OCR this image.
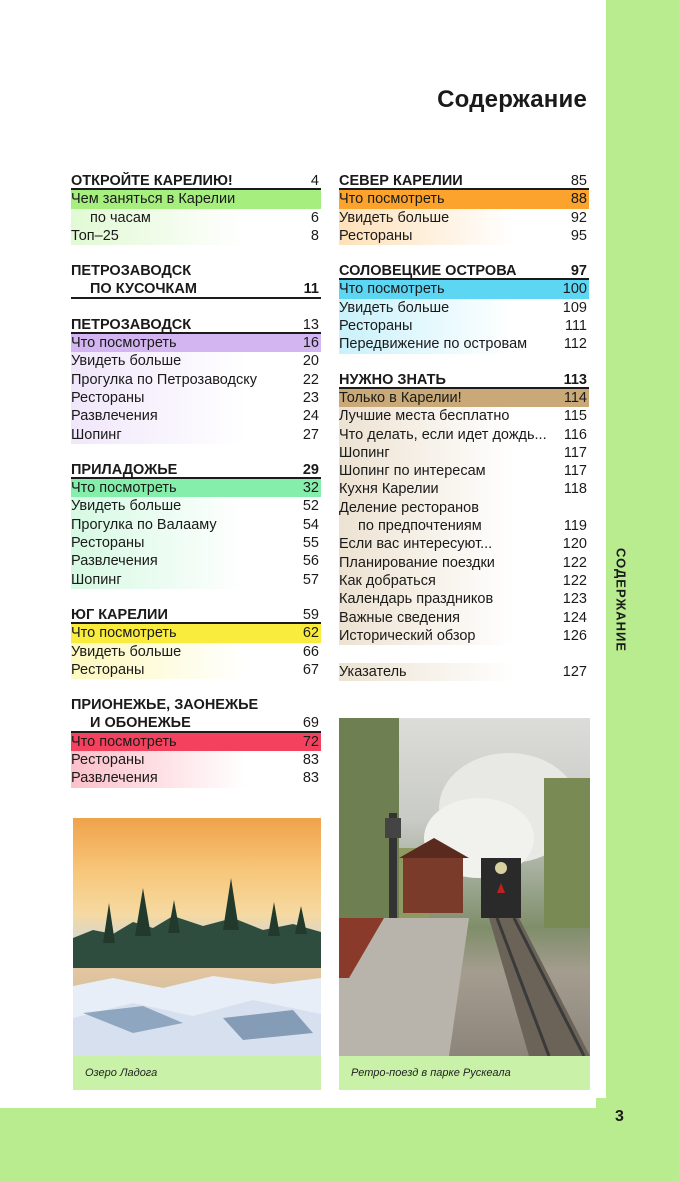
СОДЕРЖАНИЕ
3
Содержание
ОТКРОЙТЕ КАРЕЛИЮ!	4
Чем заняться в Карелии
по часам	6
Топ–25	8
ПЕТРОЗАВОДСК
ПО КУСОЧКАМ	11
ПЕТРОЗАВОДСК	13
Что посмотреть	16
Увидеть больше	20
Прогулка по Петрозаводску	22
Рестораны	23
Развлечения	24
Шопинг	27
ПРИЛАДОЖЬЕ	29
Что посмотреть	32
Увидеть больше	52
Прогулка по Валааму	54
Рестораны	55
Развлечения	56
Шопинг	57
ЮГ КАРЕЛИИ	59
Что посмотреть	62
Увидеть больше	66
Рестораны	67
ПРИОНЕЖЬЕ, ЗАОНЕЖЬЕ
И ОБОНЕЖЬЕ	69
Что посмотреть	72
Рестораны	83
Развлечения	83
СЕВЕР КАРЕЛИИ	85
Что посмотреть	88
Увидеть больше	92
Рестораны	95
СОЛОВЕЦКИЕ ОСТРОВА	97
Что посмотреть	100
Увидеть больше	109
Рестораны	111
Передвижение по островам	112
НУЖНО ЗНАТЬ	113
Только в Карелии!	114
Лучшие места бесплатно	115
Что делать, если идет дождь... 116
Шопинг	117
Шопинг по интересам	117
Кухня Карелии	118
Деление ресторанов
по предпочтениям	119
Если вас интересуют...	120
Планирование поездки	122
Как добраться	122
Календарь праздников	123
Важные сведения	124
Исторический обзор	126
Указатель	127
Озеро Ладога	Ретро-поезд в парке Рускеала
